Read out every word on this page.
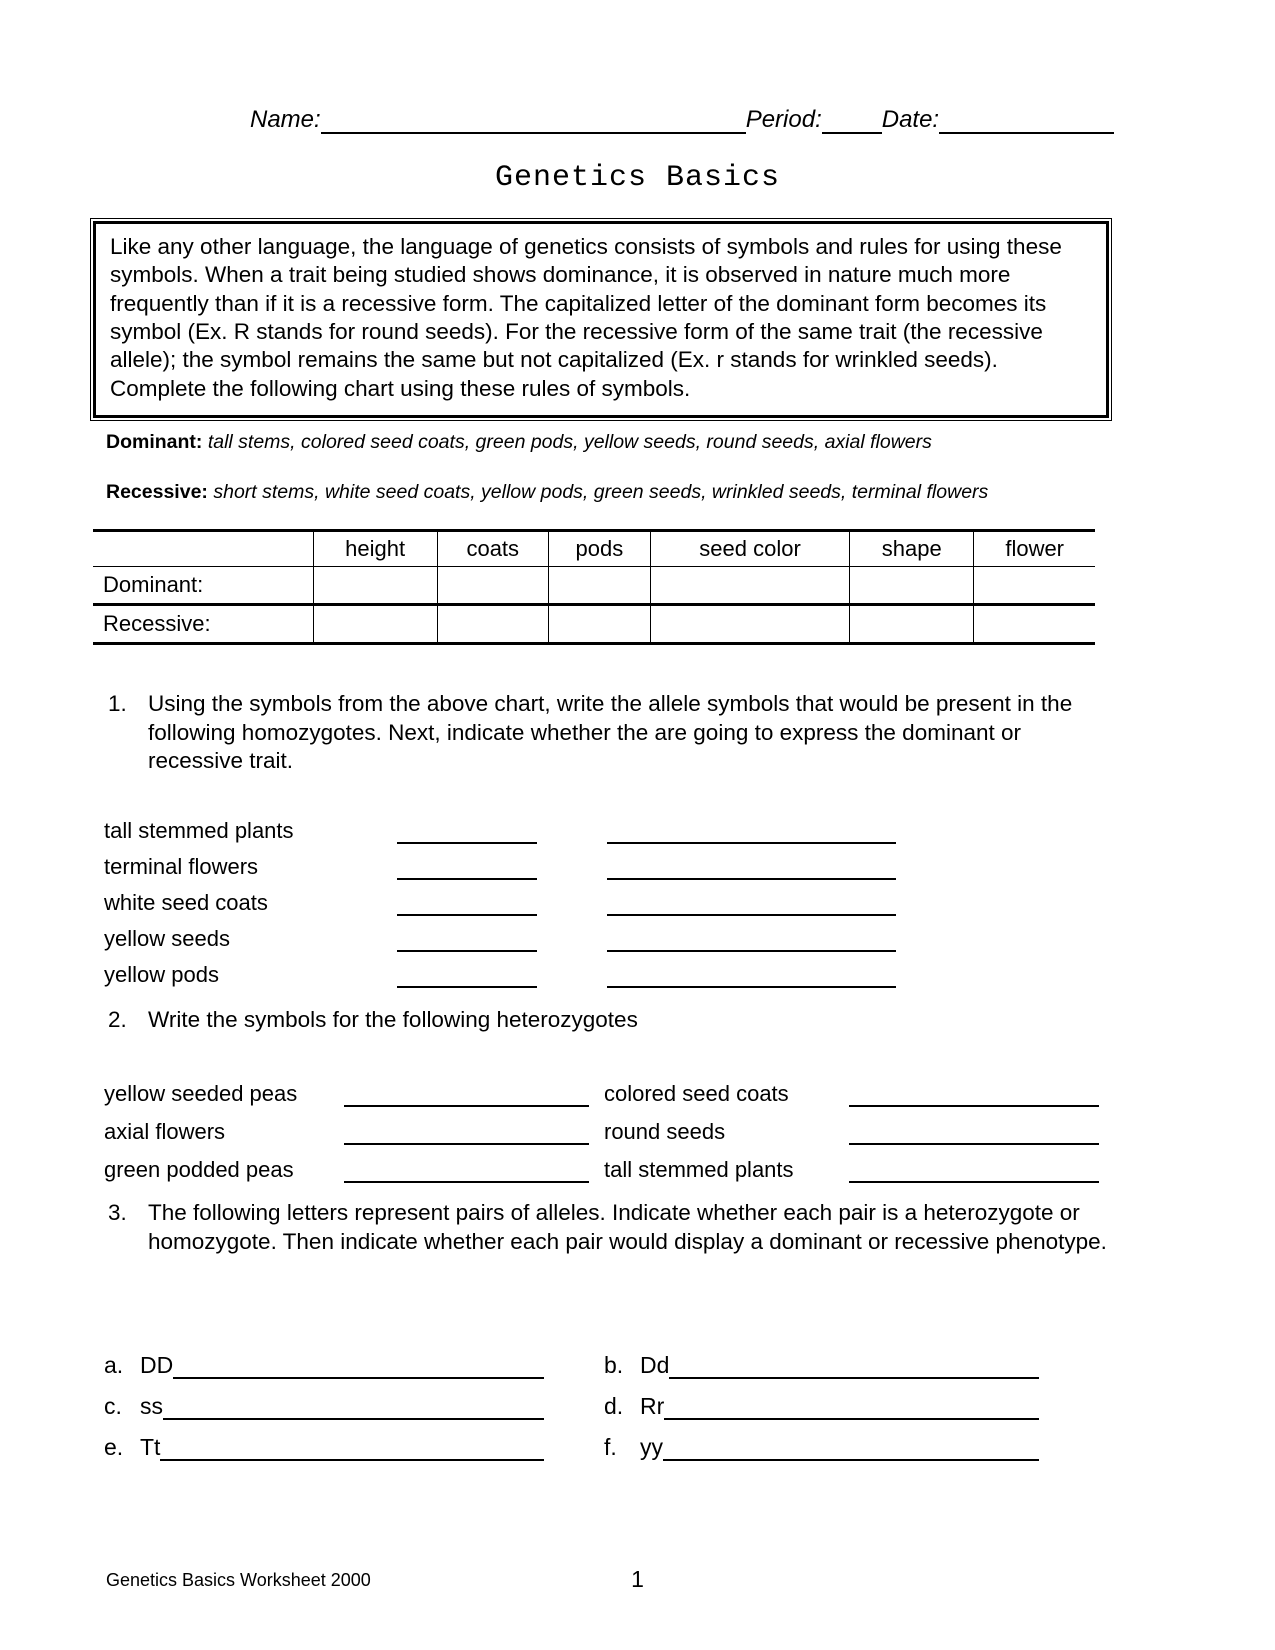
Name:	Period:	Date:
Genetics Basics

Like any other language, the language of genetics consists of symbols and rules for using these symbols. When a trait being studied shows dominance, it is observed in nature much more frequently than if it is a recessive form. The capitalized letter of the dominant form becomes its symbol (Ex. R stands for round seeds). For the recessive form of the same trait (the recessive allele); the symbol remains the same but not capitalized (Ex. r stands for wrinkled seeds). Complete the following chart using these rules of symbols.

Dominant: tall stems, colored seed coats, green pods, yellow seeds, round seeds, axial flowers
Recessive: short stems, white seed coats, yellow pods, green seeds, wrinkled seeds, terminal flowers
	height	coats	pods	seed color	shape	flower
Dominant:						
Recessive:						
1. Using the symbols from the above chart, write the allele symbols that would be present in the following homozygotes. Next, indicate whether the are going to express the dominant or recessive trait.
tall stemmed plants
terminal flowers
white seed coats
yellow seeds
yellow pods
2. Write the symbols for the following heterozygotes
yellow seeded peas	colored seed coats
axial flowers	round seeds
green podded peas	tall stemmed plants
3. The following letters represent pairs of alleles. Indicate whether each pair is a heterozygote or homozygote. Then indicate whether each pair would display a dominant or recessive phenotype.
a. DD	b. Dd
c. ss	d. Rr
e. Tt	f.	yy
Genetics Basics Worksheet 2000	1
